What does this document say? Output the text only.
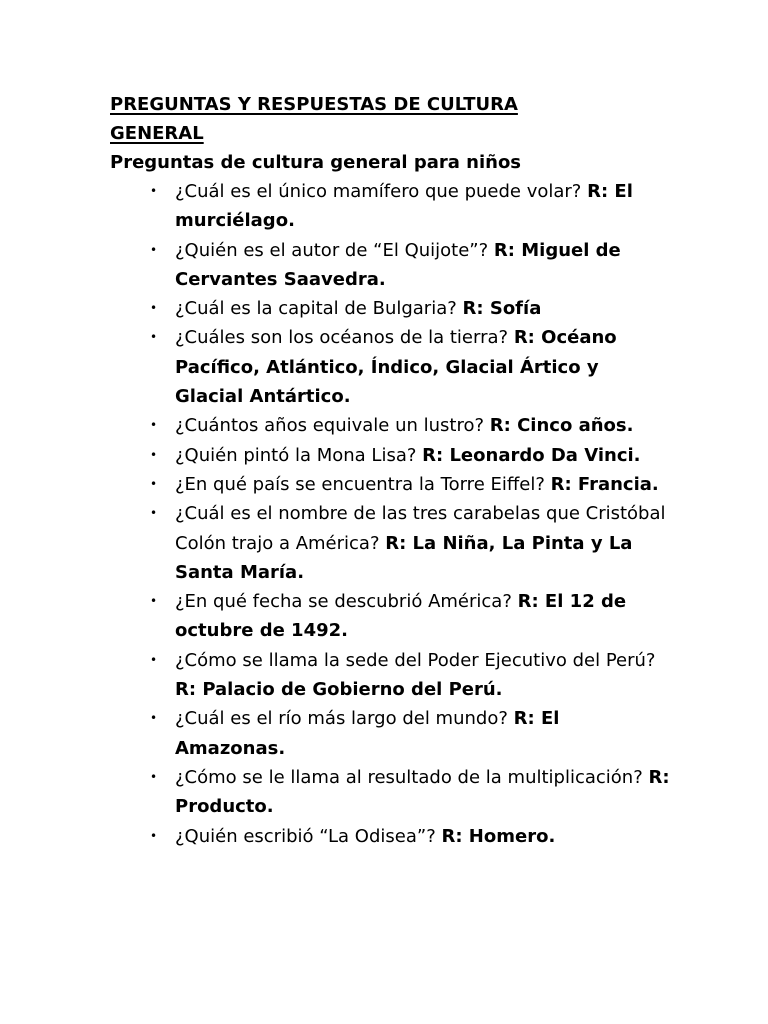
PREGUNTAS Y RESPUESTAS DE CULTURA
GENERAL

Preguntas de cultura general para niños

• ¿Cuál es el único mamífero que puede volar? R: El murciélago.
• ¿Quién es el autor de “El Quijote”? R: Miguel de Cervantes Saavedra.
• ¿Cuál es la capital de Bulgaria? R: Sofía
• ¿Cuáles son los océanos de la tierra? R: Océano Pacífico, Atlántico, Índico, Glacial Ártico y Glacial Antártico.
• ¿Cuántos años equivale un lustro? R: Cinco años.
• ¿Quién pintó la Mona Lisa? R: Leonardo Da Vinci.
• ¿En qué país se encuentra la Torre Eiffel? R: Francia.
• ¿Cuál es el nombre de las tres carabelas que Cristóbal Colón trajo a América? R: La Niña, La Pinta y La Santa María.
• ¿En qué fecha se descubrió América? R: El 12 de octubre de 1492.
• ¿Cómo se llama la sede del Poder Ejecutivo del Perú? R: Palacio de Gobierno del Perú.
• ¿Cuál es el río más largo del mundo? R: El Amazonas.
• ¿Cómo se le llama al resultado de la multiplicación? R: Producto.
• ¿Quién escribió “La Odisea”? R: Homero.
